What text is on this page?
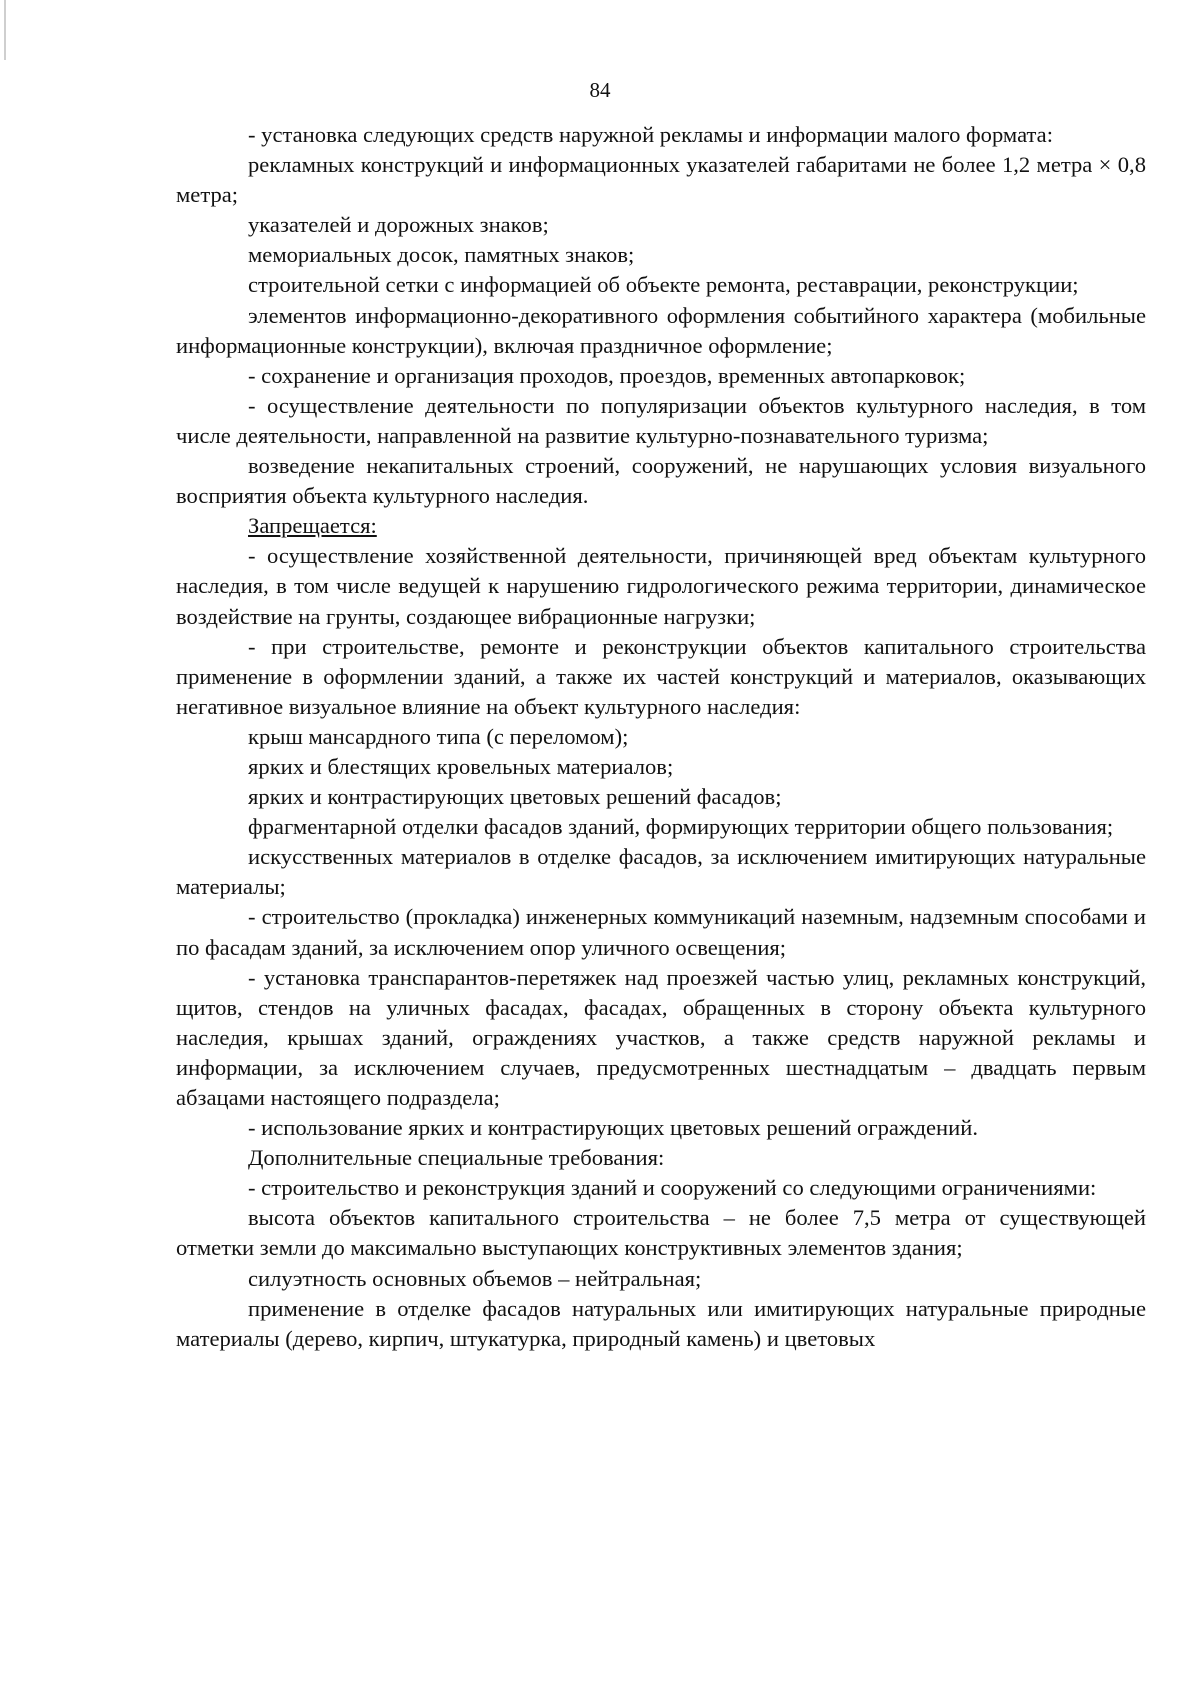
84

- установка следующих средств наружной рекламы и информации малого формата:

рекламных конструкций и информационных указателей габаритами не более 1,2 метра × 0,8 метра;

указателей и дорожных знаков;

мемориальных досок, памятных знаков;

строительной сетки с информацией об объекте ремонта, реставрации, реконструкции;

элементов информационно-декоративного оформления событийного характера (мобильные информационные конструкции), включая праздничное оформление;

- сохранение и организация проходов, проездов, временных автопарковок;

- осуществление деятельности по популяризации объектов культурного наследия, в том числе деятельности, направленной на развитие культурно-познавательного туризма;

возведение некапитальных строений, сооружений, не нарушающих условия визуального восприятия объекта культурного наследия.

Запрещается:

- осуществление хозяйственной деятельности, причиняющей вред объектам культурного наследия, в том числе ведущей к нарушению гидрологического режима территории, динамическое воздействие на грунты, создающее вибрационные нагрузки;

- при строительстве, ремонте и реконструкции объектов капитального строительства применение в оформлении зданий, а также их частей конструкций и материалов, оказывающих негативное визуальное влияние на объект культурного наследия:

крыш мансардного типа (с переломом);

ярких и блестящих кровельных материалов;

ярких и контрастирующих цветовых решений фасадов;

фрагментарной отделки фасадов зданий, формирующих территории общего пользования;

искусственных материалов в отделке фасадов, за исключением имитирующих натуральные материалы;

- строительство (прокладка) инженерных коммуникаций наземным, надземным способами и по фасадам зданий, за исключением опор уличного освещения;

- установка транспарантов-перетяжек над проезжей частью улиц, рекламных конструкций, щитов, стендов на уличных фасадах, фасадах, обращенных в сторону объекта культурного наследия, крышах зданий, ограждениях участков, а также средств наружной рекламы и информации, за исключением случаев, предусмотренных шестнадцатым – двадцать первым абзацами настоящего подраздела;

- использование ярких и контрастирующих цветовых решений ограждений.

Дополнительные специальные требования:

- строительство и реконструкция зданий и сооружений со следующими ограничениями:

высота объектов капитального строительства – не более 7,5 метра от существующей отметки земли до максимально выступающих конструктивных элементов здания;

силуэтность основных объемов – нейтральная;

применение в отделке фасадов натуральных или имитирующих натуральные природные материалы (дерево, кирпич, штукатурка, природный камень) и цветовых
